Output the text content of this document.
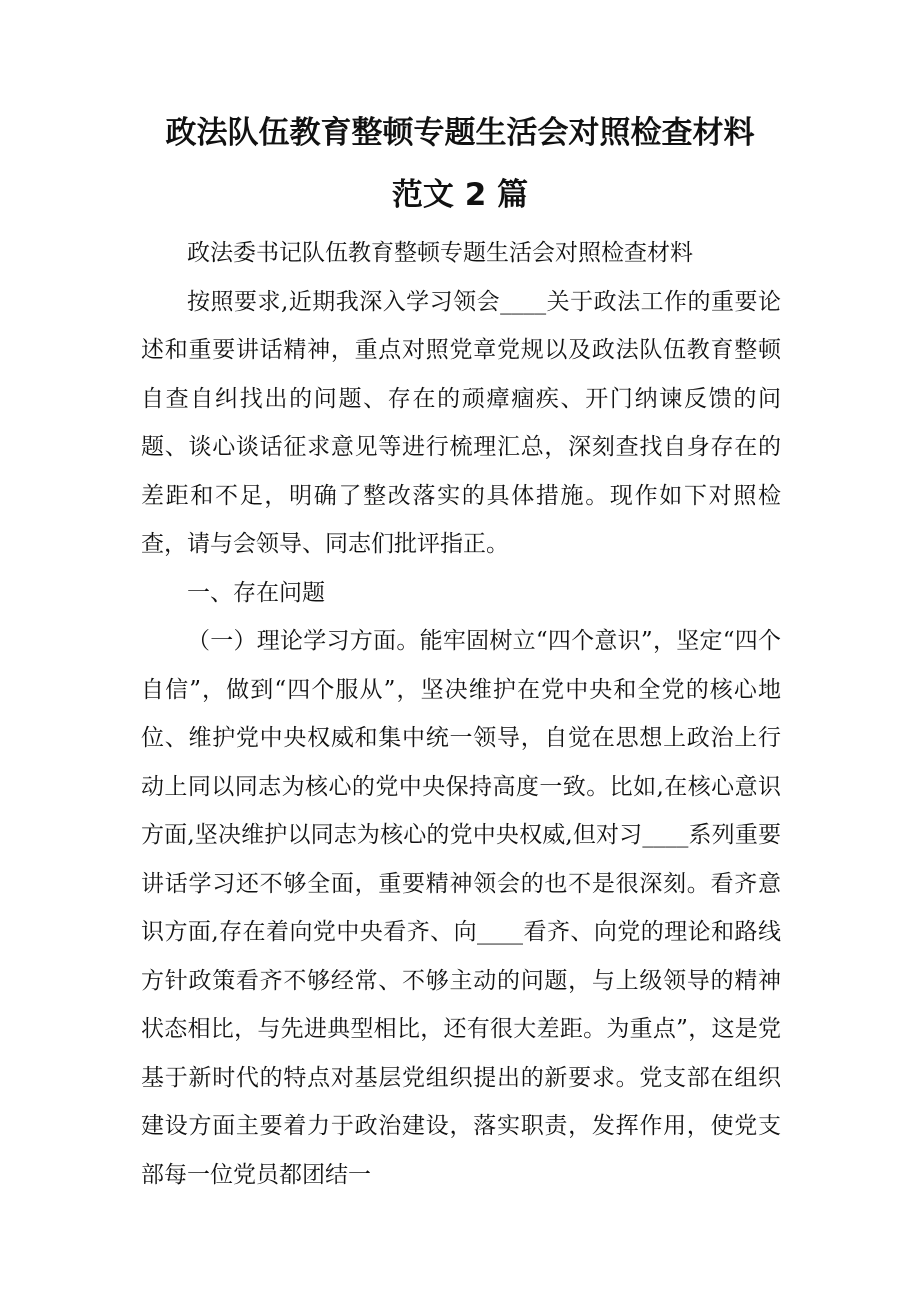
政法队伍教育整顿专题生活会对照检查材料
范文 2 篇

政法委书记队伍教育整顿专题生活会对照检查材料

按照要求,近期我深入学习领会____关于政法工作的重要论述和重要讲话精神，重点对照党章党规以及政法队伍教育整顿自查自纠找出的问题、存在的顽瘴痼疾、开门纳谏反馈的问题、谈心谈话征求意见等进行梳理汇总，深刻查找自身存在的差距和不足，明确了整改落实的具体措施。现作如下对照检查，请与会领导、同志们批评指正。

一、存在问题

（一）理论学习方面。能牢固树立“四个意识”，坚定“四个自信”，做到“四个服从”，坚决维护在党中央和全党的核心地位、维护党中央权威和集中统一领导，自觉在思想上政治上行动上同以同志为核心的党中央保持高度一致。比如,在核心意识方面,坚决维护以同志为核心的党中央权威,但对习____系列重要讲话学习还不够全面，重要精神领会的也不是很深刻。看齐意识方面,存在着向党中央看齐、向____看齐、向党的理论和路线方针政策看齐不够经常、不够主动的问题，与上级领导的精神状态相比，与先进典型相比，还有很大差距。为重点”，这是党基于新时代的特点对基层党组织提出的新要求。党支部在组织建设方面主要着力于政治建设，落实职责，发挥作用，使党支部每一位党员都团结一
